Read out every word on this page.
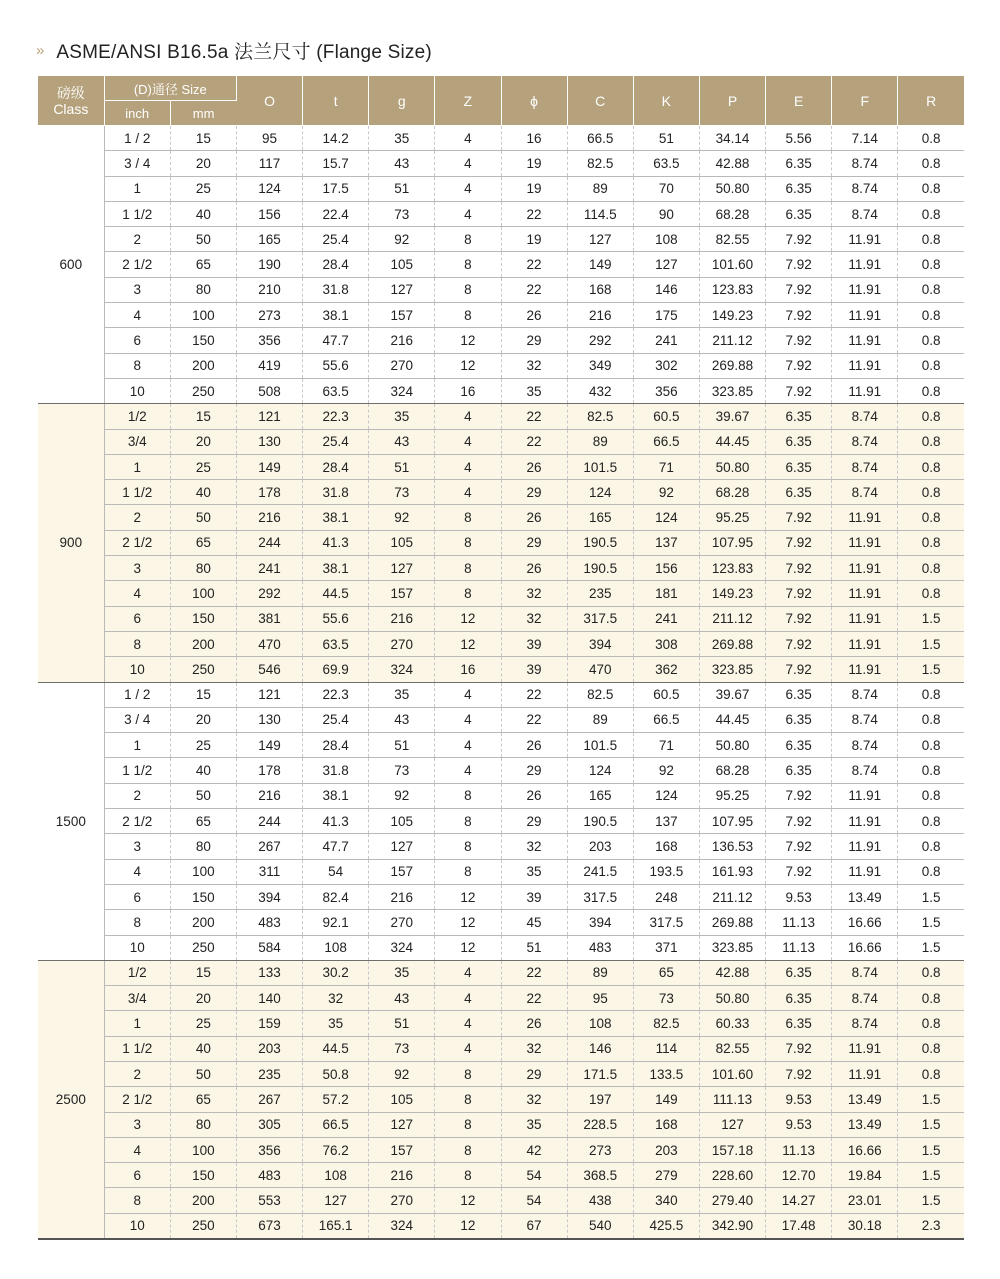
» ASME/ANSI B16.5a 法兰尺寸 (Flange Size)
磅级
Class	(D)通径 Size		O	t	g	Z	ϕ	C	K	P	E	F	R
	inch	mm											
600	1 / 2	15	95	14.2	35	4	16	66.5	51	34.14	5.56	7.14	0.8
	3 / 4	20	117	15.7	43	4	19	82.5	63.5	42.88	6.35	8.74	0.8
	1	25	124	17.5	51	4	19	89	70	50.80	6.35	8.74	0.8
	1 1/2	40	156	22.4	73	4	22	114.5	90	68.28	6.35	8.74	0.8
	2	50	165	25.4	92	8	19	127	108	82.55	7.92	11.91	0.8
	2 1/2	65	190	28.4	105	8	22	149	127	101.60	7.92	11.91	0.8
	3	80	210	31.8	127	8	22	168	146	123.83	7.92	11.91	0.8
	4	100	273	38.1	157	8	26	216	175	149.23	7.92	11.91	0.8
	6	150	356	47.7	216	12	29	292	241	211.12	7.92	11.91	0.8
	8	200	419	55.6	270	12	32	349	302	269.88	7.92	11.91	0.8
	10	250	508	63.5	324	16	35	432	356	323.85	7.92	11.91	0.8
900	1/2	15	121	22.3	35	4	22	82.5	60.5	39.67	6.35	8.74	0.8
	3/4	20	130	25.4	43	4	22	89	66.5	44.45	6.35	8.74	0.8
	1	25	149	28.4	51	4	26	101.5	71	50.80	6.35	8.74	0.8
	1 1/2	40	178	31.8	73	4	29	124	92	68.28	6.35	8.74	0.8
	2	50	216	38.1	92	8	26	165	124	95.25	7.92	11.91	0.8
	2 1/2	65	244	41.3	105	8	29	190.5	137	107.95	7.92	11.91	0.8
	3	80	241	38.1	127	8	26	190.5	156	123.83	7.92	11.91	0.8
	4	100	292	44.5	157	8	32	235	181	149.23	7.92	11.91	0.8
	6	150	381	55.6	216	12	32	317.5	241	211.12	7.92	11.91	1.5
	8	200	470	63.5	270	12	39	394	308	269.88	7.92	11.91	1.5
	10	250	546	69.9	324	16	39	470	362	323.85	7.92	11.91	1.5
1500	1 / 2	15	121	22.3	35	4	22	82.5	60.5	39.67	6.35	8.74	0.8
	3 / 4	20	130	25.4	43	4	22	89	66.5	44.45	6.35	8.74	0.8
	1	25	149	28.4	51	4	26	101.5	71	50.80	6.35	8.74	0.8
	1 1/2	40	178	31.8	73	4	29	124	92	68.28	6.35	8.74	0.8
	2	50	216	38.1	92	8	26	165	124	95.25	7.92	11.91	0.8
	2 1/2	65	244	41.3	105	8	29	190.5	137	107.95	7.92	11.91	0.8
	3	80	267	47.7	127	8	32	203	168	136.53	7.92	11.91	0.8
	4	100	311	54	157	8	35	241.5	193.5	161.93	7.92	11.91	0.8
	6	150	394	82.4	216	12	39	317.5	248	211.12	9.53	13.49	1.5
	8	200	483	92.1	270	12	45	394	317.5	269.88	11.13	16.66	1.5
	10	250	584	108	324	12	51	483	371	323.85	11.13	16.66	1.5
2500	1/2	15	133	30.2	35	4	22	89	65	42.88	6.35	8.74	0.8
	3/4	20	140	32	43	4	22	95	73	50.80	6.35	8.74	0.8
	1	25	159	35	51	4	26	108	82.5	60.33	6.35	8.74	0.8
	1 1/2	40	203	44.5	73	4	32	146	114	82.55	7.92	11.91	0.8
	2	50	235	50.8	92	8	29	171.5	133.5	101.60	7.92	11.91	0.8
	2 1/2	65	267	57.2	105	8	32	197	149	111.13	9.53	13.49	1.5
	3	80	305	66.5	127	8	35	228.5	168	127	9.53	13.49	1.5
	4	100	356	76.2	157	8	42	273	203	157.18	11.13	16.66	1.5
	6	150	483	108	216	8	54	368.5	279	228.60	12.70	19.84	1.5
	8	200	553	127	270	12	54	438	340	279.40	14.27	23.01	1.5
	10	250	673	165.1	324	12	67	540	425.5	342.90	17.48	30.18	2.3
